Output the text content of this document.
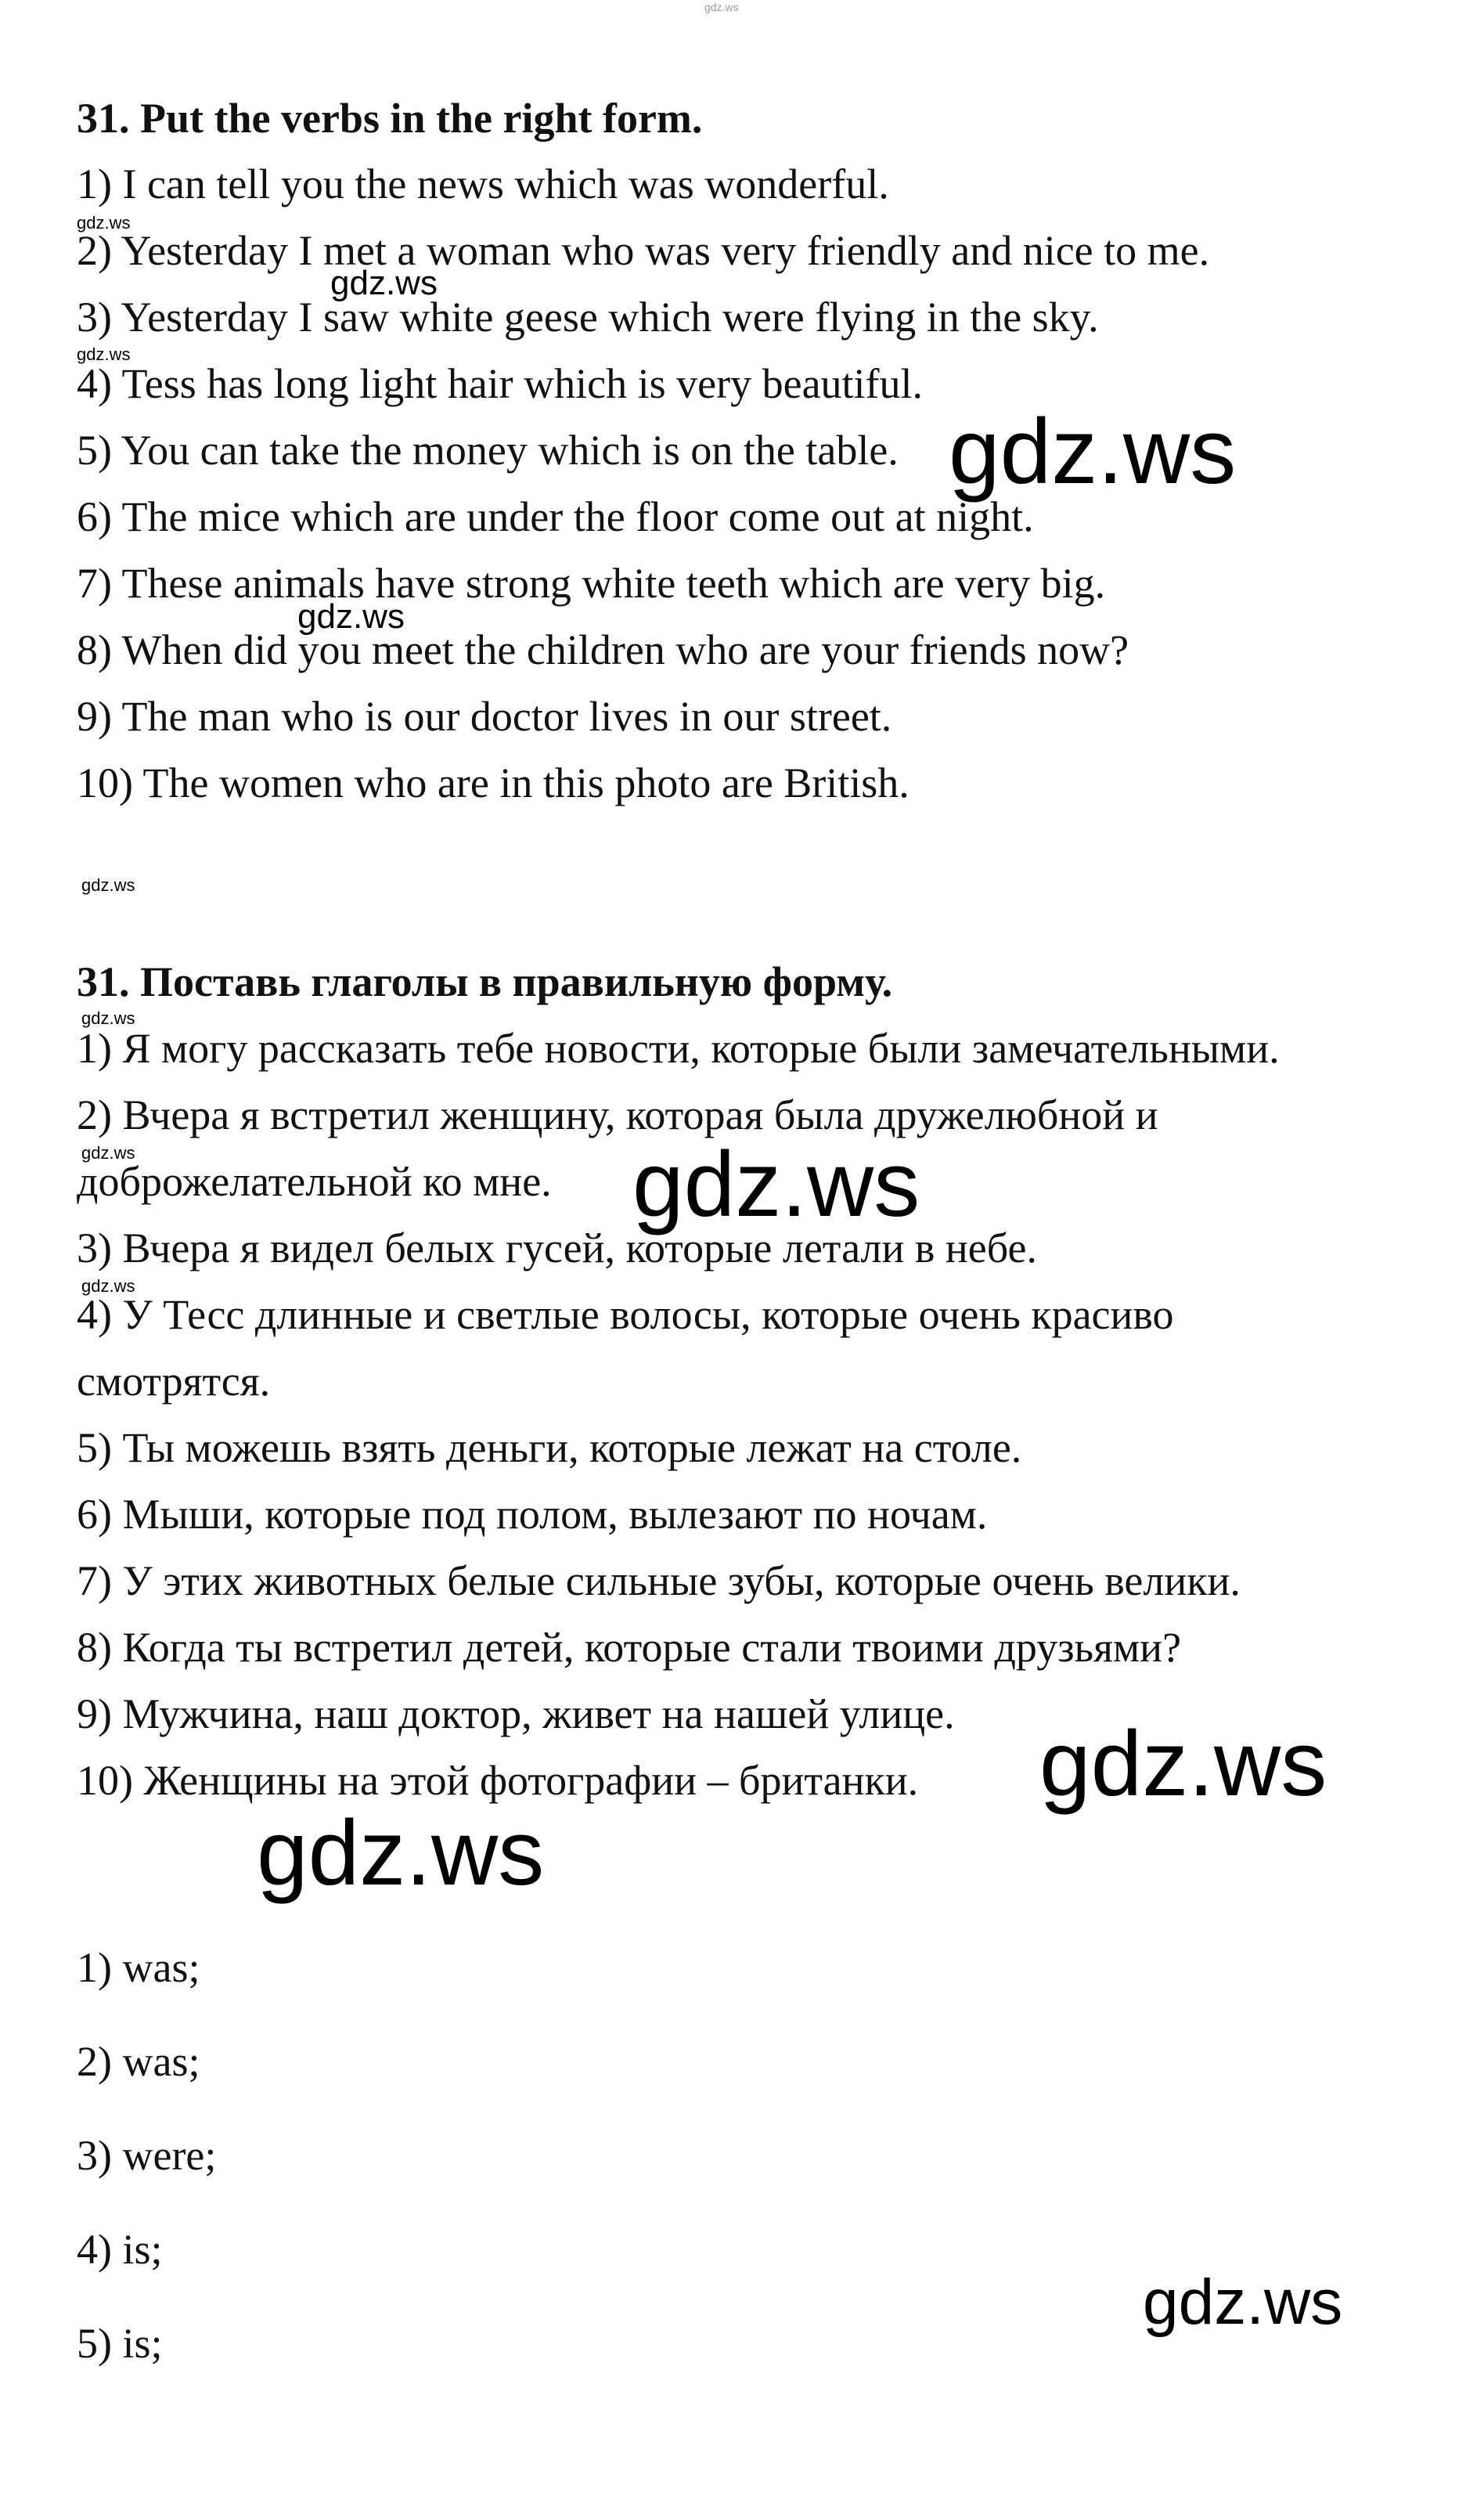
31. Put the verbs in the right form.
1) I can tell you the news which was wonderful.
2) Yesterday I met a woman who was very friendly and nice to me.
3) Yesterday I saw white geese which were flying in the sky.
4) Tess has long light hair which is very beautiful.
5) You can take the money which is on the table.
6) The mice which are under the floor come out at night.
7) These animals have strong white teeth which are very big.
8) When did you meet the children who are your friends now?
9) The man who is our doctor lives in our street.
10) The women who are in this photo are British.
31. Поставь глаголы в правильную форму.
1) Я могу рассказать тебе новости, которые были замечательными.
2) Вчера я встретил женщину, которая была дружелюбной и
доброжелательной ко мне.
3) Вчера я видел белых гусей, которые летали в небе.
4) У Тесс длинные и светлые волосы, которые очень красиво
смотрятся.
5) Ты можешь взять деньги, которые лежат на столе.
6) Мыши, которые под полом, вылезают по ночам.
7) У этих животных белые сильные зубы, которые очень велики.
8) Когда ты встретил детей, которые стали твоими друзьями?
9) Мужчина, наш доктор, живет на нашей улице.
10) Женщины на этой фотографии – британки.
1) was;
2) was;
3) were;
4) is;
5) is;
gdz.ws
gdz.ws
gdz.ws
gdz.ws
gdz.ws
gdz.ws
gdz.ws
gdz.ws
gdz.ws	gdz.ws
gdz.ws
gdz.ws
gdz.ws
gdz.ws
